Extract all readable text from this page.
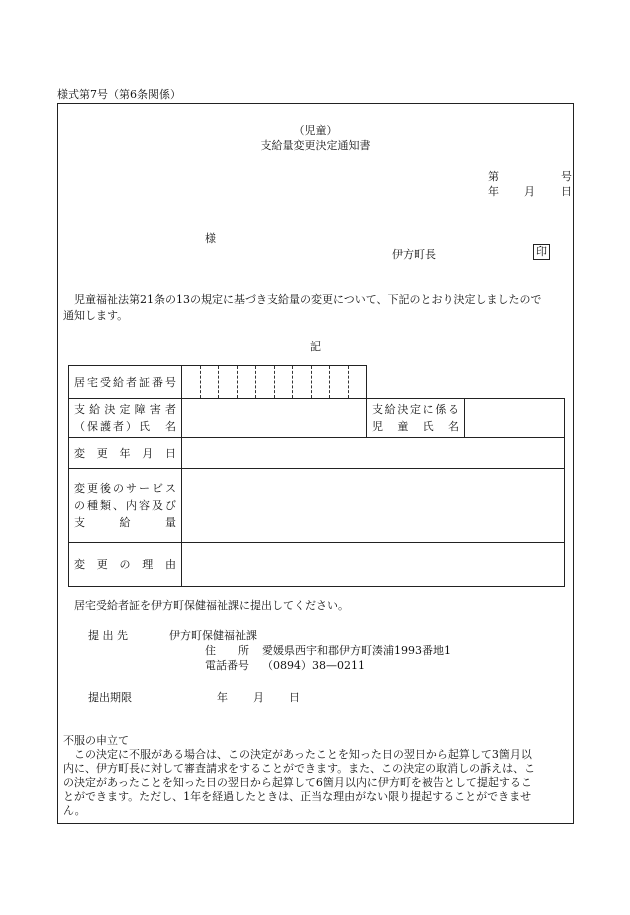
様式第7号（第6条関係）
（児童）
支給量変更決定通知書
第	号
年 月 日
様
伊方町長	印
児童福祉法第21条の13の規定に基づき支給量の変更について、下記のとおり決定しましたので
通知します。
記
居宅受給者証番号			

支給決定障害者
（保護者）氏　名		支給決定に係る
児　童　氏　名	

変　更　年　月　日			

変更後のサービス
の種類、内容及び
支　　給　　量			

変　更　の　理　由			

居宅受給者証を伊方町保健福祉課に提出してください。
提 出 先	伊方町保健福祉課
住　　所 愛媛県西宇和郡伊方町湊浦1993番地1
電話番号 （0894）38—0211
提出期限	年 月 日
不服の申立て
この決定に不服がある場合は、この決定があったことを知った日の翌日から起算して3箇月以
内に、伊方町長に対して審査請求をすることができます。また、この決定の取消しの訴えは、こ
の決定があったことを知った日の翌日から起算して6箇月以内に伊方町を被告として提起するこ
とができます。ただし、1年を経過したときは、正当な理由がない限り提起することができませ
ん。
